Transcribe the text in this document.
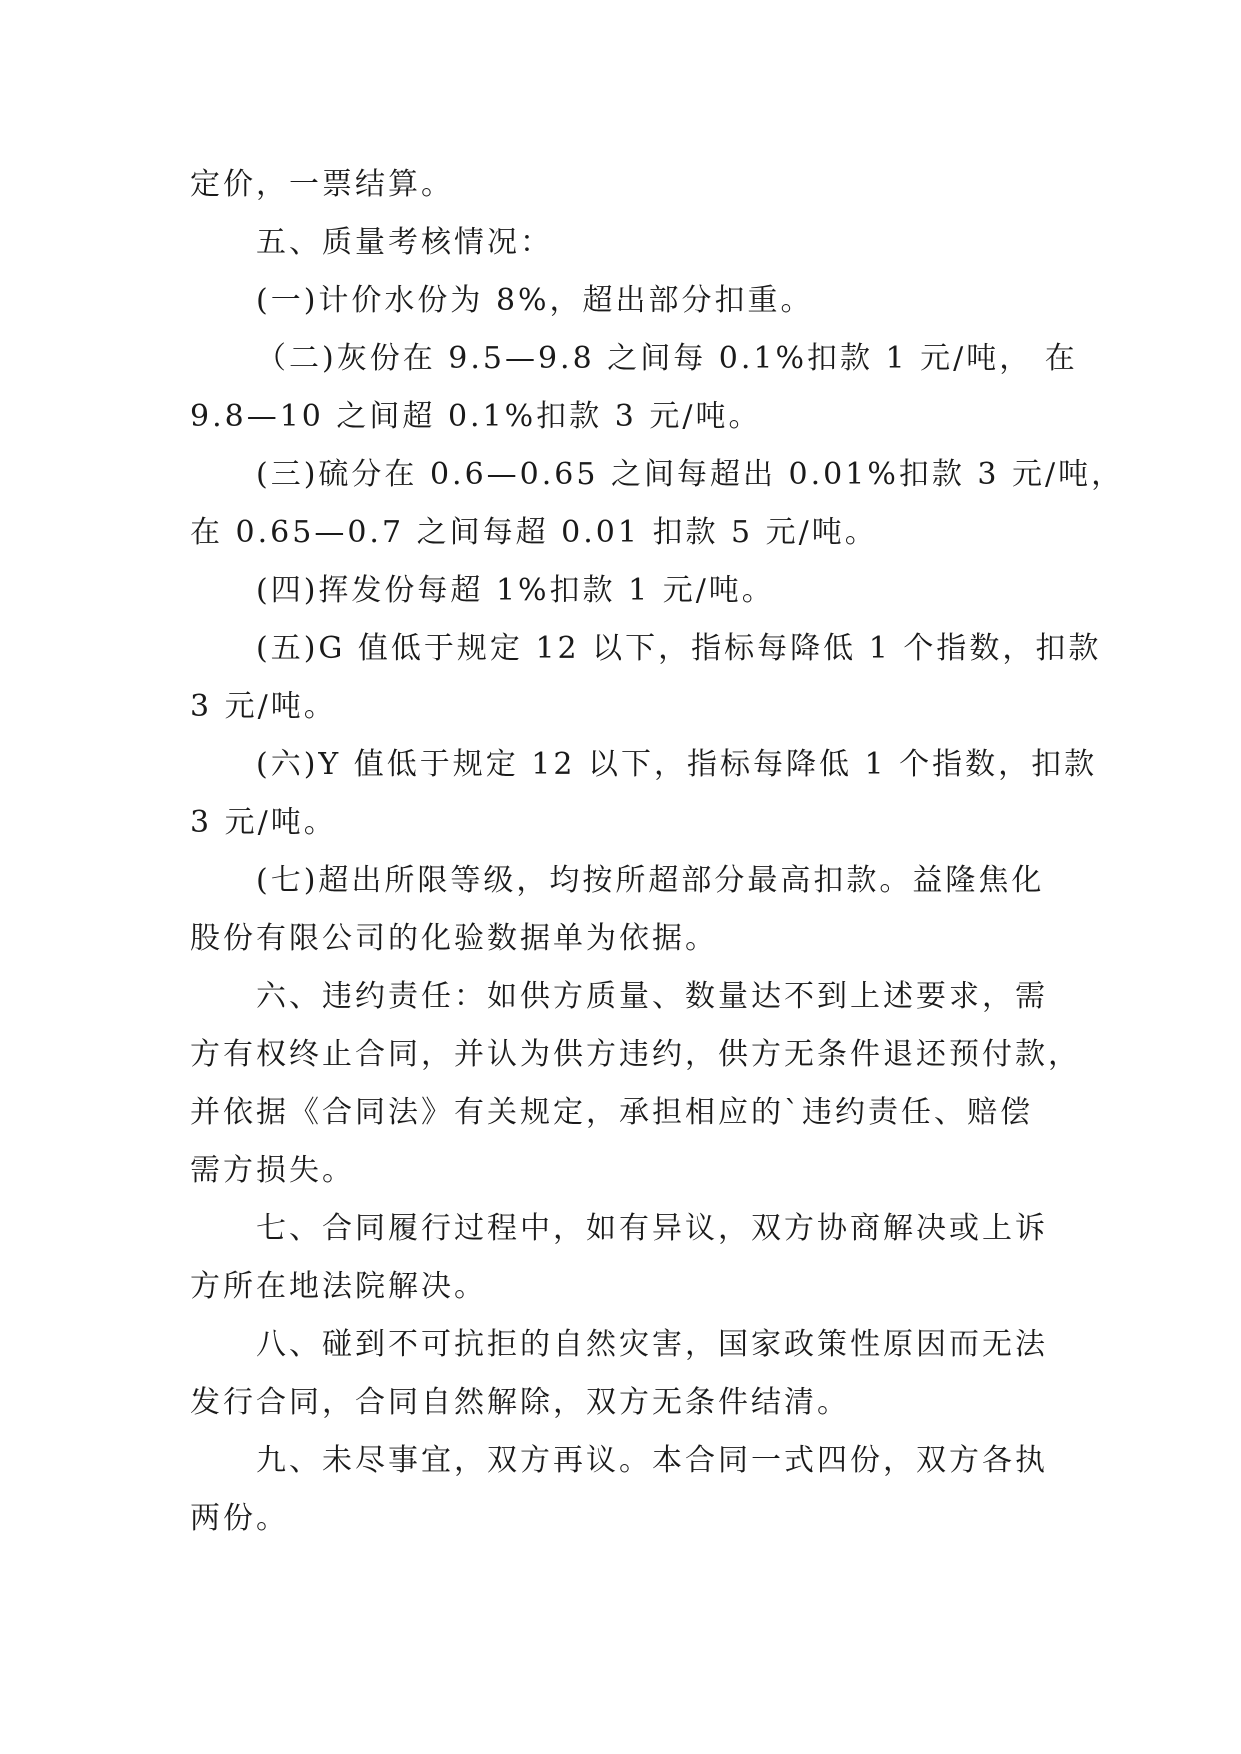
定价，一票结算。
五、质量考核情况：
(一)计价水份为 8%，超出部分扣重。
（二)灰份在 9.5—9.8 之间每 0.1%扣款 1 元/吨， 在
9.8—10 之间超 0.1%扣款 3 元/吨。
(三)硫分在 0.6—0.65 之间每超出 0.01%扣款 3 元/吨，
在 0.65—0.7 之间每超 0.01 扣款 5 元/吨。
(四)挥发份每超 1%扣款 1 元/吨。
(五)G 值低于规定 12 以下，指标每降低 1 个指数，扣款
3 元/吨。
(六)Y 值低于规定 12 以下，指标每降低 1 个指数，扣款
3 元/吨。
(七)超出所限等级，均按所超部分最高扣款。益隆焦化
股份有限公司的化验数据单为依据。
六、违约责任：如供方质量、数量达不到上述要求，需
方有权终止合同，并认为供方违约，供方无条件退还预付款，
并依据《合同法》有关规定，承担相应的`违约责任、赔偿
需方损失。
七、合同履行过程中，如有异议，双方协商解决或上诉
方所在地法院解决。
八、碰到不可抗拒的自然灾害，国家政策性原因而无法
发行合同，合同自然解除，双方无条件结清。
九、未尽事宜，双方再议。本合同一式四份，双方各执
两份。
